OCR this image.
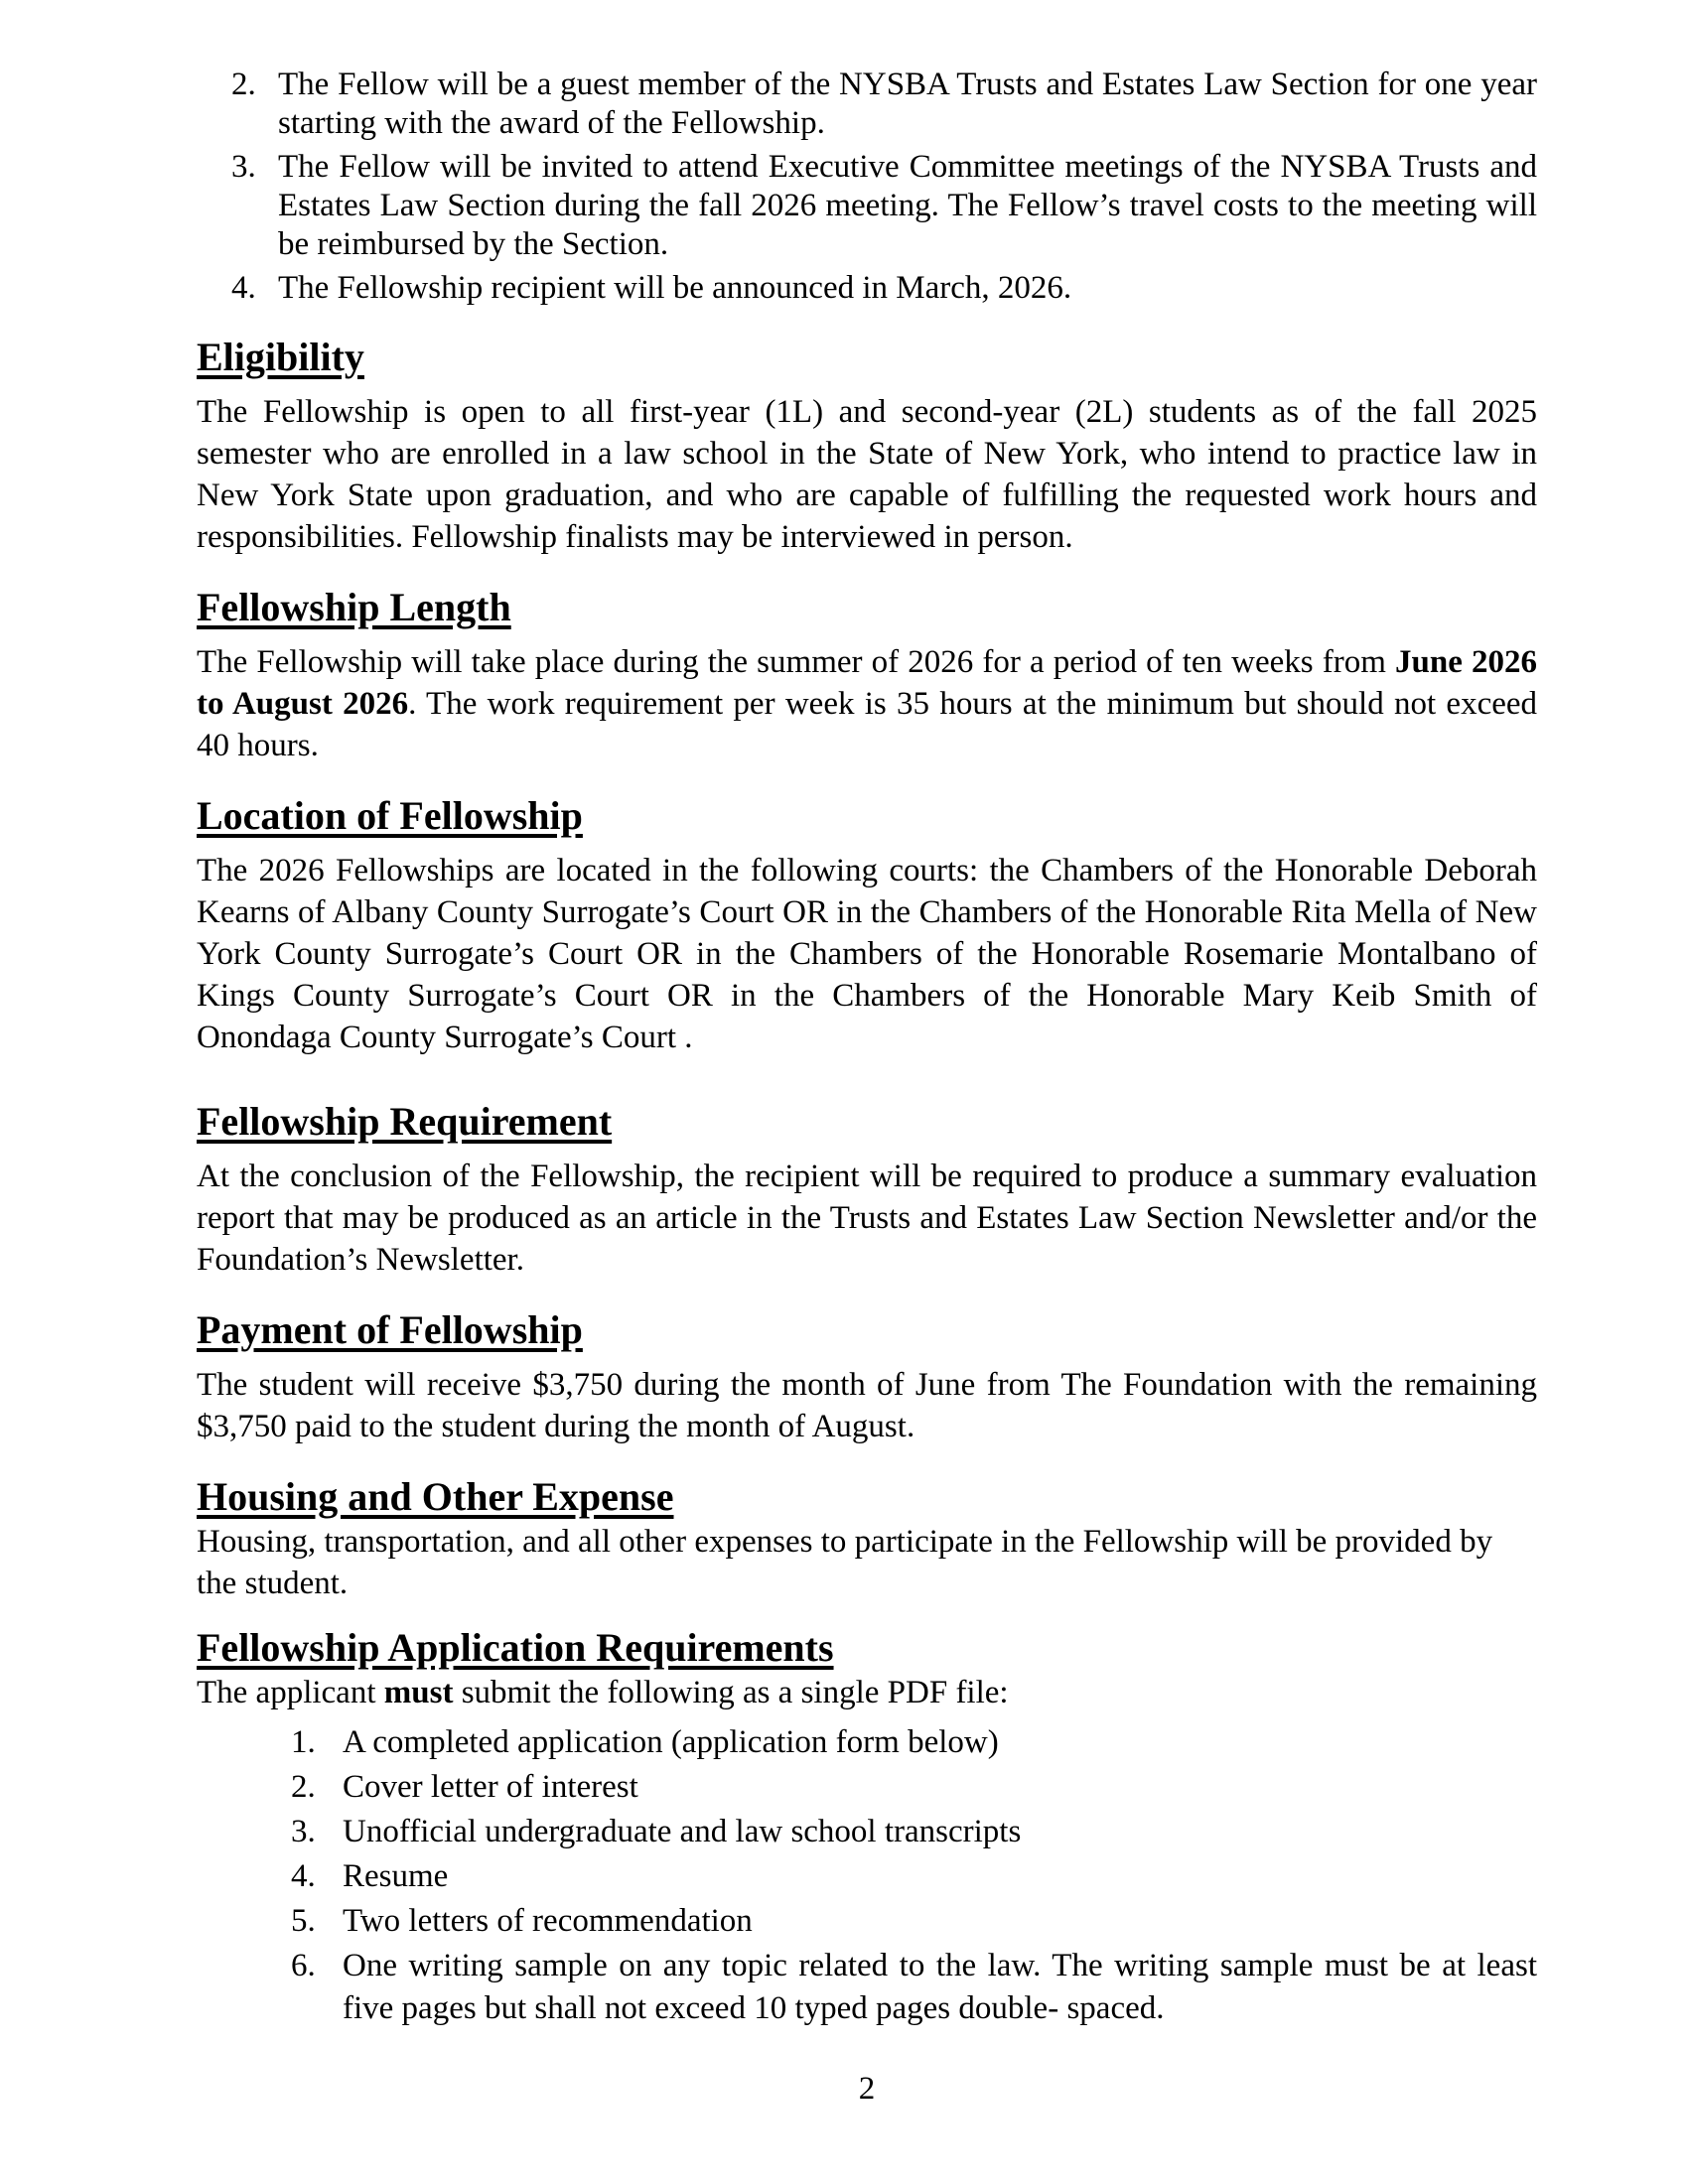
2. The Fellow will be a guest member of the NYSBA Trusts and Estates Law Section for one year starting with the award of the Fellowship.
3. The Fellow will be invited to attend Executive Committee meetings of the NYSBA Trusts and Estates Law Section during the fall 2026 meeting. The Fellow’s travel costs to the meeting will be reimbursed by the Section.
4. The Fellowship recipient will be announced in March, 2026.
Eligibility

The Fellowship is open to all first-year (1L) and second-year (2L) students as of the fall 2025 semester who are enrolled in a law school in the State of New York, who intend to practice law in New York State upon graduation, and who are capable of fulfilling the requested work hours and responsibilities. Fellowship finalists may be interviewed in person.

Fellowship Length

The Fellowship will take place during the summer of 2026 for a period of ten weeks from June 2026 to August 2026. The work requirement per week is 35 hours at the minimum but should not exceed 40 hours.

Location of Fellowship

The 2026 Fellowships are located in the following courts: the Chambers of the Honorable Deborah Kearns of Albany County Surrogate’s Court OR in the Chambers of the Honorable Rita Mella of New York County Surrogate’s Court OR in the Chambers of the Honorable Rosemarie Montalbano of Kings County Surrogate’s Court OR in the Chambers of the Honorable Mary Keib Smith of Onondaga County Surrogate’s Court .

Fellowship Requirement

At the conclusion of the Fellowship, the recipient will be required to produce a summary evaluation report that may be produced as an article in the Trusts and Estates Law Section Newsletter and/or the Foundation’s Newsletter.

Payment of Fellowship

The student will receive $3,750 during the month of June from The Foundation with the remaining $3,750 paid to the student during the month of August.

Housing and Other Expense

Housing, transportation, and all other expenses to participate in the Fellowship will be provided by the student.

Fellowship Application Requirements

The applicant must submit the following as a single PDF file:

1. A completed application (application form below)
2. Cover letter of interest
3. Unofficial undergraduate and law school transcripts
4. Resume
5. Two letters of recommendation
6. One writing sample on any topic related to the law. The writing sample must be at least five pages but shall not exceed 10 typed pages double- spaced.
2
